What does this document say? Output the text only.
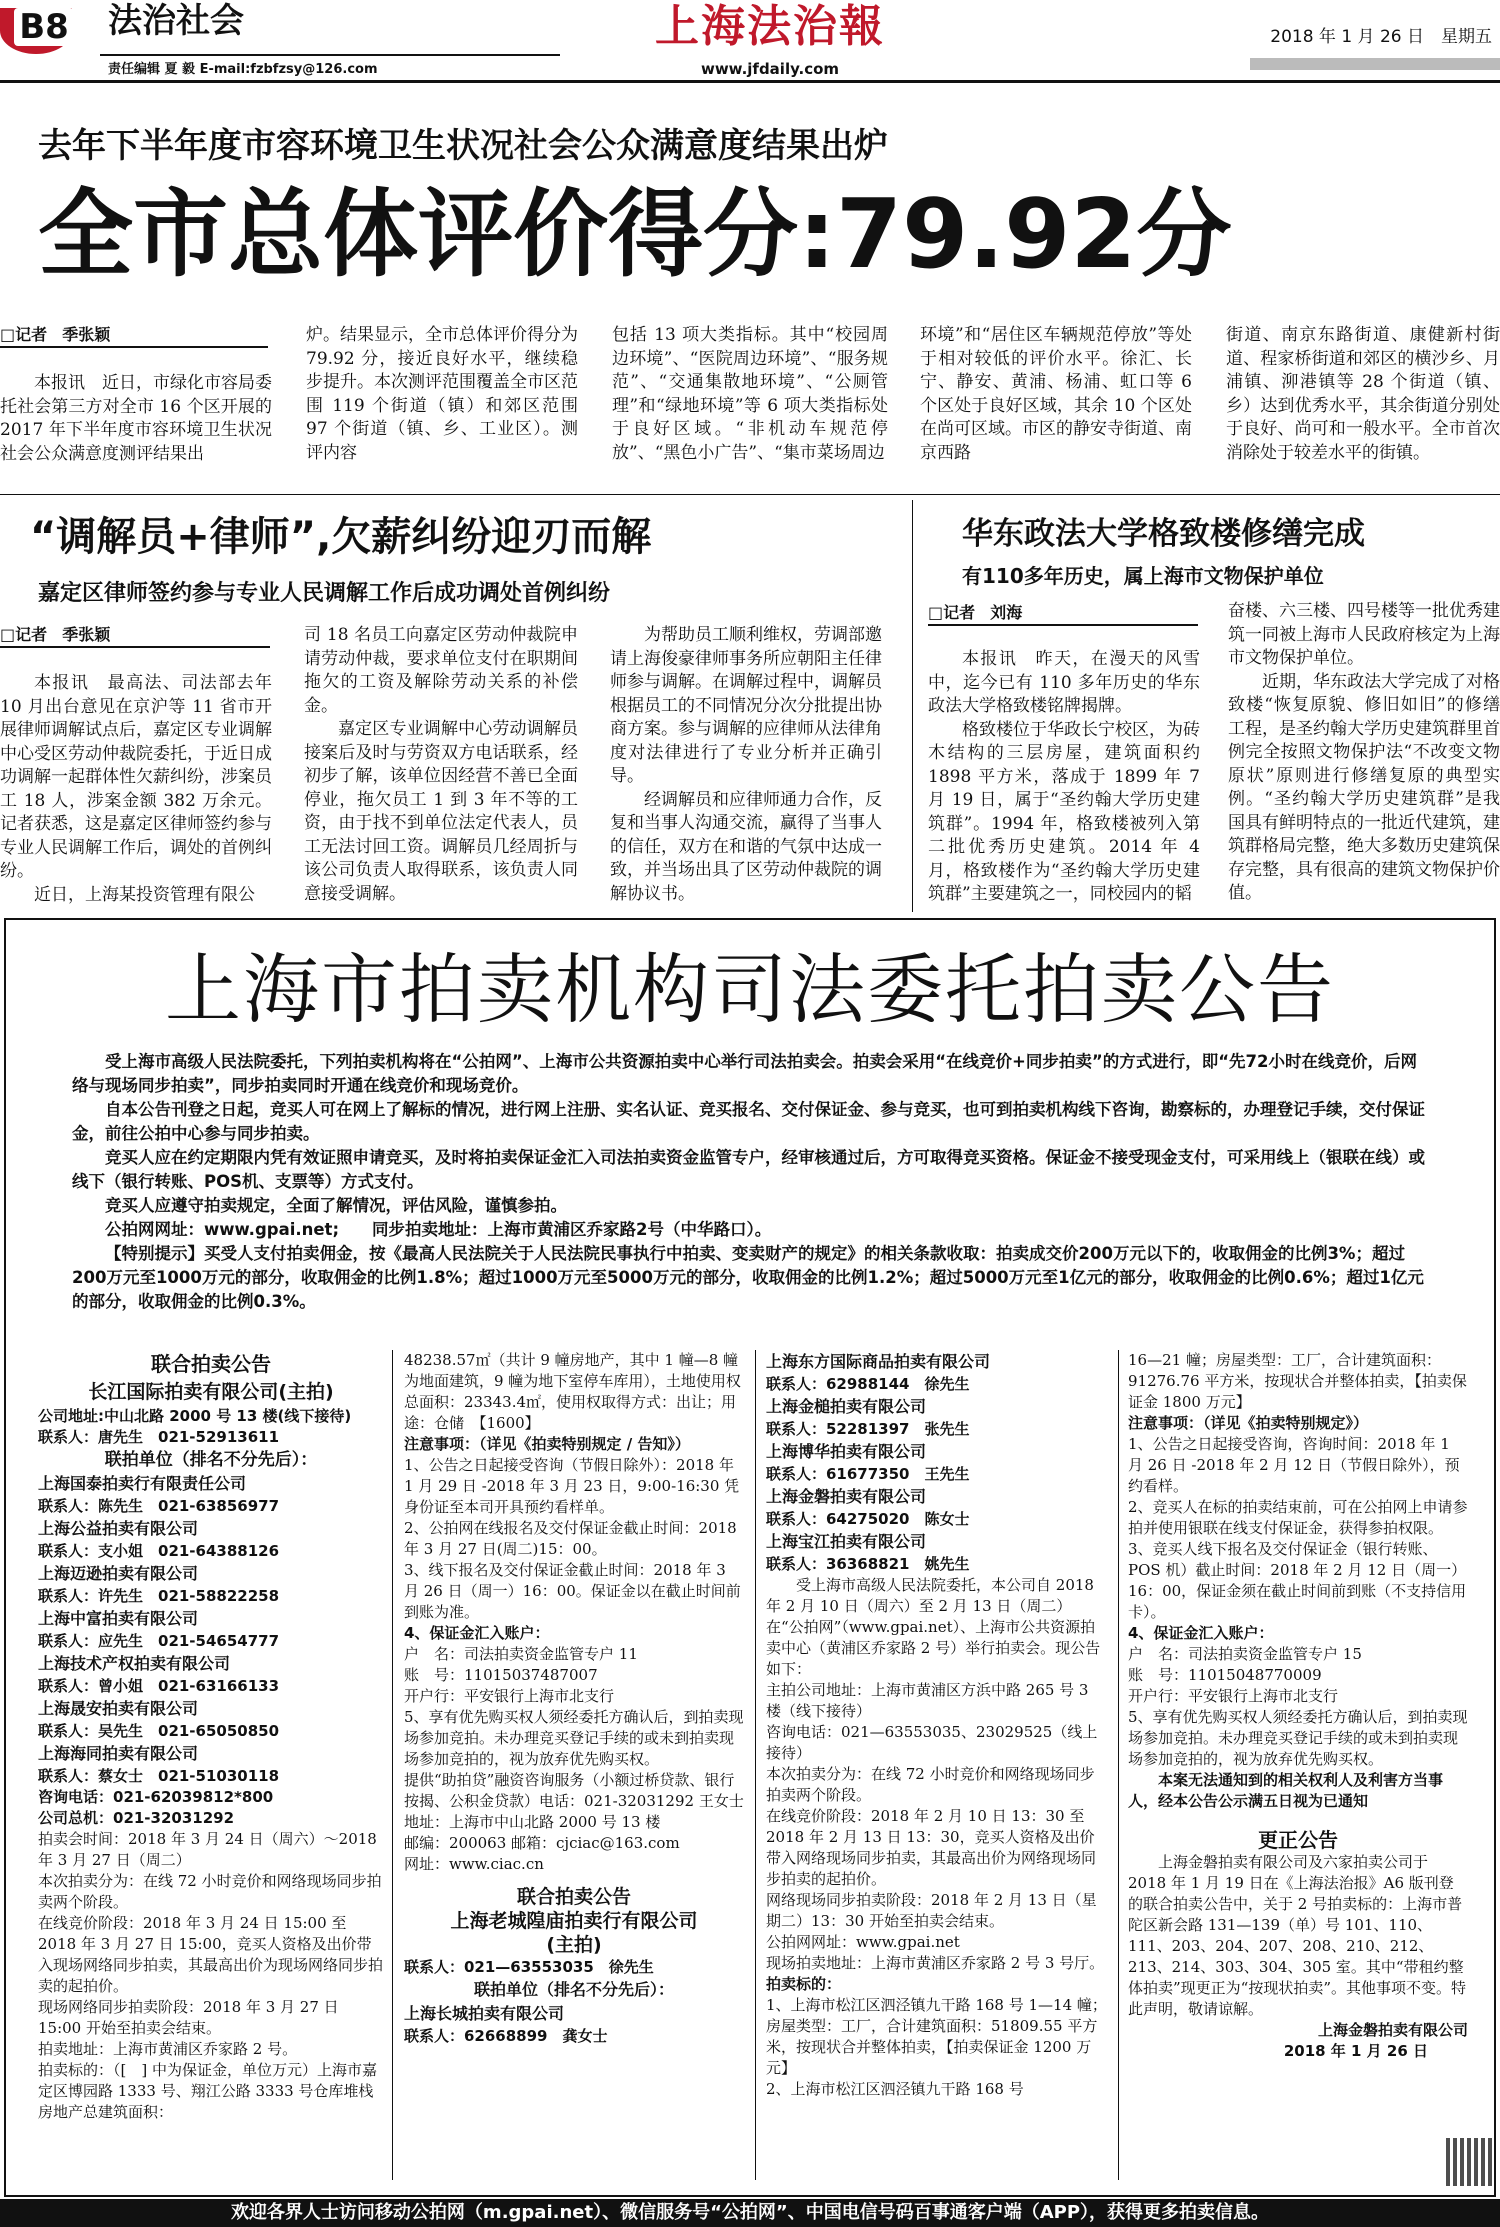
B8 法治社会
责任编辑 夏 毅 E-mail:fzbfzsy@126.com
上海法治報
www.jfdaily.com
2018 年 1 月 26 日　星期五
去年下半年度市容环境卫生状况社会公众满意度结果出炉
全市总体评价得分:79.92分
□记者 季张颖

本报讯　近日，市绿化市容局委托社会第三方对全市 16 个区开展的 2017 年下半年度市容环境卫生状况社会公众满意度测评结果出

炉。结果显示，全市总体评价得分为 79.92 分，接近良好水平，继续稳步提升。本次测评范围覆盖全市区范围 119 个街道（镇）和郊区范围 97 个街道（镇、乡、工业区）。测评内容

包括 13 项大类指标。其中“校园周边环境”、“医院周边环境”、“服务规范”、“交通集散地环境”、“公厕管理”和“绿地环境”等 6 项大类指标处于良好区域。“非机动车规范停放”、“黑色小广告”、“集市菜场周边

环境”和“居住区车辆规范停放”等处于相对较低的评价水平。徐汇、长宁、静安、黄浦、杨浦、虹口等 6 个区处于良好区域，其余 10 个区处在尚可区域。市区的静安寺街道、南京西路

街道、南京东路街道、康健新村街道、程家桥街道和郊区的横沙乡、月浦镇、泖港镇等 28 个街道（镇、乡）达到优秀水平，其余街道分别处于良好、尚可和一般水平。全市首次消除处于较差水平的街镇。

“调解员+律师”,欠薪纠纷迎刃而解
嘉定区律师签约参与专业人民调解工作后成功调处首例纠纷
□记者 季张颖

本报讯　最高法、司法部去年 10 月出台意见在京沪等 11 省市开展律师调解试点后，嘉定区专业调解中心受区劳动仲裁院委托，于近日成功调解一起群体性欠薪纠纷，涉案员工 18 人，涉案金额 382 万余元。记者获悉，这是嘉定区律师签约参与专业人民调解工作后，调处的首例纠纷。

近日，上海某投资管理有限公

司 18 名员工向嘉定区劳动仲裁院申请劳动仲裁，要求单位支付在职期间拖欠的工资及解除劳动关系的补偿金。

嘉定区专业调解中心劳动调解员接案后及时与劳资双方电话联系，经初步了解，该单位因经营不善已全面停业，拖欠员工 1 到 3 年不等的工资，由于找不到单位法定代表人，员工无法讨回工资。调解员几经周折与该公司负责人取得联系，该负责人同意接受调解。

为帮助员工顺利维权，劳调部邀请上海俊豪律师事务所应朝阳主任律师参与调解。在调解过程中，调解员根据员工的不同情况分次分批提出协商方案。参与调解的应律师从法律角度对法律进行了专业分析并正确引导。

经调解员和应律师通力合作，反复和当事人沟通交流，赢得了当事人的信任，双方在和谐的气氛中达成一致，并当场出具了区劳动仲裁院的调解协议书。

华东政法大学格致楼修缮完成
有110多年历史，属上海市文物保护单位
□记者 刘海

本报讯　昨天，在漫天的风雪中，迄今已有 110 多年历史的华东政法大学格致楼铭牌揭牌。

格致楼位于华政长宁校区，为砖木结构的三层房屋，建筑面积约 1898 平方米，落成于 1899 年 7 月 19 日，属于“圣约翰大学历史建筑群”。1994 年，格致楼被列入第二批优秀历史建筑。2014 年 4 月，格致楼作为“圣约翰大学历史建筑群”主要建筑之一，同校园内的韬

奋楼、六三楼、四号楼等一批优秀建筑一同被上海市人民政府核定为上海市文物保护单位。

近期，华东政法大学完成了对格致楼“恢复原貌、修旧如旧”的修缮工程，是圣约翰大学历史建筑群里首例完全按照文物保护法“不改变文物原状”原则进行修缮复原的典型实例。“圣约翰大学历史建筑群”是我国具有鲜明特点的一批近代建筑，建筑群格局完整，绝大多数历史建筑保存完整，具有很高的建筑文物保护价值。

上海市拍卖机构司法委托拍卖公告
受上海市高级人民法院委托，下列拍卖机构将在“公拍网”、上海市公共资源拍卖中心举行司法拍卖会。拍卖会采用“在线竞价+同步拍卖”的方式进行，即“先72小时在线竞价，后网络与现场同步拍卖”，同步拍卖同时开通在线竞价和现场竞价。
自本公告刊登之日起，竞买人可在网上了解标的情况，进行网上注册、实名认证、竞买报名、交付保证金、参与竞买，也可到拍卖机构线下咨询，勘察标的，办理登记手续，交付保证金，前往公拍中心参与同步拍卖。
竞买人应在约定期限内凭有效证照申请竞买，及时将拍卖保证金汇入司法拍卖资金监管专户，经审核通过后，方可取得竞买资格。保证金不接受现金支付，可采用线上（银联在线）或线下（银行转账、POS机、支票等）方式支付。
竞买人应遵守拍卖规定，全面了解情况，评估风险，谨慎参拍。
公拍网网址：www.gpai.net;　　同步拍卖地址：上海市黄浦区乔家路2号（中华路口）。
【特别提示】买受人支付拍卖佣金，按《最高人民法院关于人民法院民事执行中拍卖、变卖财产的规定》的相关条款收取：拍卖成交价200万元以下的，收取佣金的比例3%；超过200万元至1000万元的部分，收取佣金的比例1.8%；超过1000万元至5000万元的部分，收取佣金的比例1.2%；超过5000万元至1亿元的部分，收取佣金的比例0.6%；超过1亿元的部分，收取佣金的比例0.3%。
联合拍卖公告
长江国际拍卖有限公司(主拍)
公司地址:中山北路 2000 号 13 楼(线下接待)
联系人：唐先生　021-52913611
联拍单位（排名不分先后）：
上海国泰拍卖行有限责任公司
联系人：陈先生　021-63856977
上海公益拍卖有限公司
联系人：支小姐　021-64388126
上海迈逊拍卖有限公司
联系人：许先生　021-58822258
上海中富拍卖有限公司
联系人：应先生　021-54654777
上海技术产权拍卖有限公司
联系人：曾小姐　021-63166133
上海晟安拍卖有限公司
联系人：吴先生　021-65050850
上海海同拍卖有限公司
联系人：蔡女士　021-51030118
咨询电话：021-62039812*800
公司总机：021-32031292
拍卖会时间：2018 年 3 月 24 日（周六）～2018 年 3 月 27 日（周二）
本次拍卖分为：在线 72 小时竞价和网络现场同步拍卖两个阶段。
在线竞价阶段：2018 年 3 月 24 日 15:00 至 2018 年 3 月 27 日 15:00，竞买人资格及出价带入现场网络同步拍卖，其最高出价为现场网络同步拍卖的起拍价。
现场网络同步拍卖阶段：2018 年 3 月 27 日 15:00 开始至拍卖会结束。
拍卖地址：上海市黄浦区乔家路 2 号。
拍卖标的：（[　] 中为保证金，单位万元）上海市嘉定区博园路 1333 号、翔江公路 3333 号仓库堆栈房地产总建筑面积：
48238.57㎡（共计 9 幢房地产，其中 1 幢—8 幢为地面建筑，9 幢为地下室停车库用），土地使用权总面积：23343.4㎡，使用权取得方式：出让；用途：仓储　【1600】
注意事项：（详见《拍卖特别规定 / 告知》）
1、公告之日起接受咨询（节假日除外）：2018 年 1 月 29 日 -2018 年 3 月 23 日，9:00-16:30 凭身份证至本司开具预约看样单。
2、公拍网在线报名及交付保证金截止时间：2018 年 3 月 27 日(周二)15：00。
3、线下报名及交付保证金截止时间：2018 年 3 月 26 日（周一）16：00。保证金以在截止时间前到账为准。
4、保证金汇入账户：
户　名：司法拍卖资金监管专户 11
账　号：11015037487007
开户行：平安银行上海市北支行
5、享有优先购买权人须经委托方确认后，到拍卖现场参加竞拍。未办理竞买登记手续的或未到拍卖现场参加竞拍的，视为放弃优先购买权。
提供“助拍贷”融资咨询服务（小额过桥贷款、银行按揭、公积金贷款）电话：021-32031292 王女士
地址：上海市中山北路 2000 号 13 楼
邮编：200063 邮箱：cjciac@163.com
网址：www.ciac.cn
联合拍卖公告
上海老城隍庙拍卖行有限公司
(主拍)
联系人：021—63553035　徐先生
联拍单位（排名不分先后）：
上海长城拍卖有限公司
联系人：62668899　龚女士
上海东方国际商品拍卖有限公司
联系人：62988144　徐先生
上海金槌拍卖有限公司
联系人：52281397　张先生
上海博华拍卖有限公司
联系人：61677350　王先生
上海金磐拍卖有限公司
联系人：64275020　陈女士
上海宝江拍卖有限公司
联系人：36368821　姚先生
受上海市高级人民法院委托，本公司自 2018 年 2 月 10 日（周六）至 2 月 13 日（周二）在“公拍网”（www.gpai.net）、上海市公共资源拍卖中心（黄浦区乔家路 2 号）举行拍卖会。现公告如下：
主拍公司地址：上海市黄浦区方浜中路 265 号 3 楼（线下接待）
咨询电话：021—63553035、23029525（线上接待）
本次拍卖分为：在线 72 小时竞价和网络现场同步拍卖两个阶段。
在线竞价阶段：2018 年 2 月 10 日 13：30 至 2018 年 2 月 13 日 13：30，竞买人资格及出价带入网络现场同步拍卖，其最高出价为网络现场同步拍卖的起拍价。
网络现场同步拍卖阶段：2018 年 2 月 13 日（星期二）13：30 开始至拍卖会结束。
公拍网网址：www.gpai.net
现场拍卖地址：上海市黄浦区乔家路 2 号 3 号厅。
拍卖标的：
1、上海市松江区泗泾镇九干路 168 号 1—14 幢；房屋类型：工厂，合计建筑面积：51809.55 平方米，按现状合并整体拍卖，【拍卖保证金 1200 万元】
2、上海市松江区泗泾镇九干路 168 号
16—21 幢；房屋类型：工厂，合计建筑面积：91276.76 平方米，按现状合并整体拍卖，【拍卖保证金 1800 万元】
注意事项：（详见《拍卖特别规定》）
1、公告之日起接受咨询，咨询时间：2018 年 1 月 26 日 -2018 年 2 月 12 日（节假日除外），预约看样。
2、竞买人在标的拍卖结束前，可在公拍网上申请参拍并使用银联在线支付保证金，获得参拍权限。
3、竞买人线下报名及交付保证金（银行转账、POS 机）截止时间：2018 年 2 月 12 日（周一）16：00，保证金须在截止时间前到账（不支持信用卡）。
4、保证金汇入账户：
户　名：司法拍卖资金监管专户 15
账　号：11015048770009
开户行：平安银行上海市北支行
5、享有优先购买权人须经委托方确认后，到拍卖现场参加竞拍。未办理竞买登记手续的或未到拍卖现场参加竞拍的，视为放弃优先购买权。
本案无法通知到的相关权利人及利害方当事人，经本公告公示满五日视为已通知
更正公告
上海金磐拍卖有限公司及六家拍卖公司于 2018 年 1 月 19 日在《上海法治报》A6 版刊登的联合拍卖公告中，关于 2 号拍卖标的：上海市普陀区新会路 131—139（单）号 101、110、111、203、204、207、208、210、212、213、214、303、304、305 室。其中“带租约整体拍卖”现更正为“按现状拍卖”。其他事项不变。特此声明，敬请谅解。
上海金磐拍卖有限公司
2018 年 1 月 26 日
欢迎各界人士访问移动公拍网（m.gpai.net）、微信服务号“公拍网”、中国电信号码百事通客户端（APP），获得更多拍卖信息。
